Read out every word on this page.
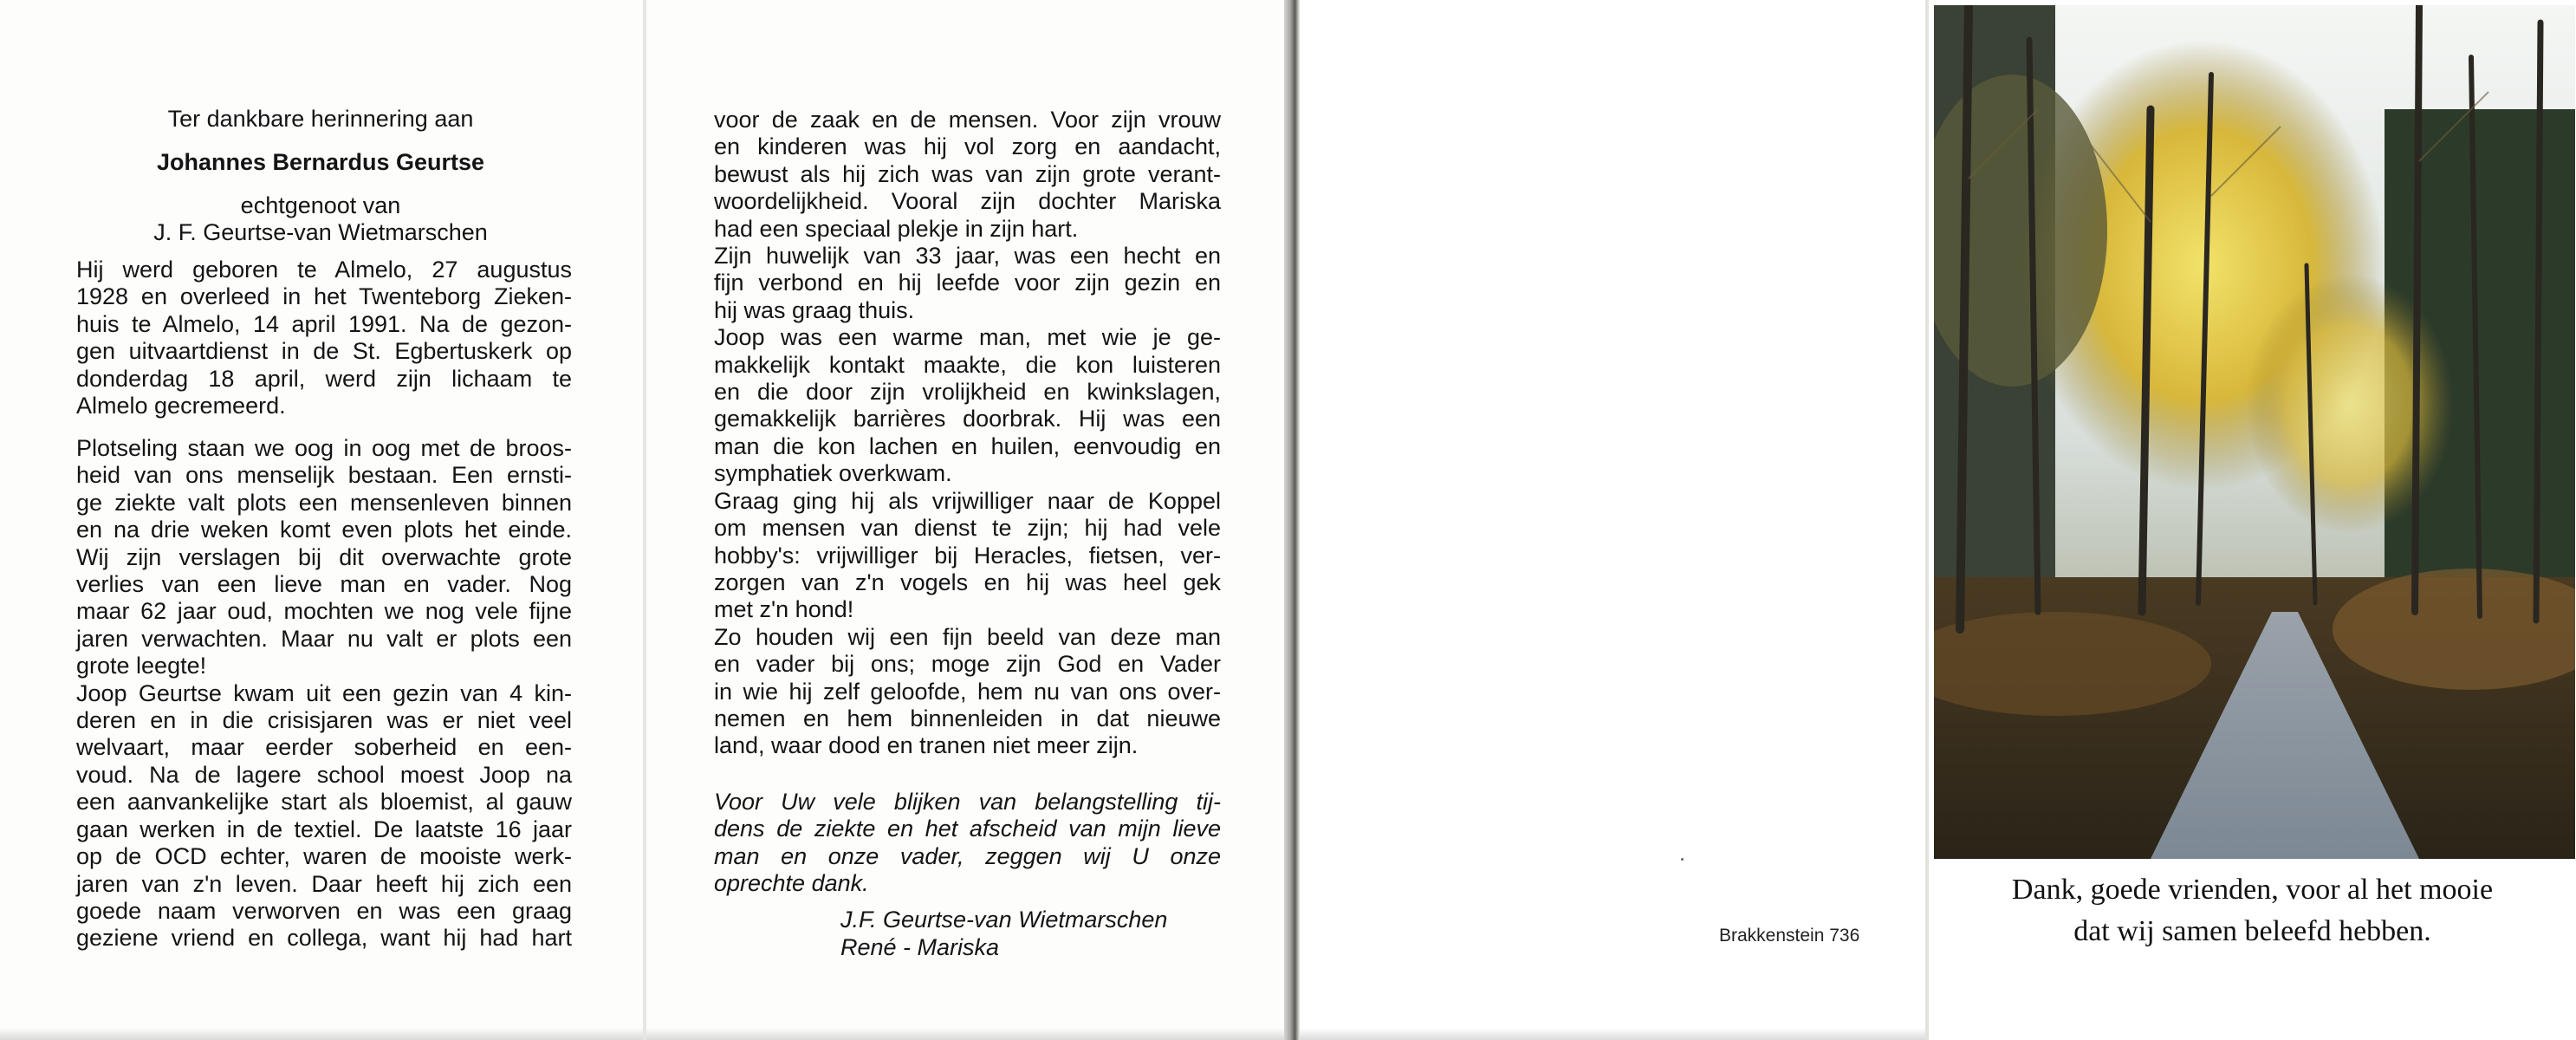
Ter dankbare herinnering aan
Johannes Bernardus Geurtse
echtgenoot van
J. F. Geurtse-van Wietmarschen
Hij werd geboren te Almelo, 27 augustus
1928 en overleed in het Twenteborg Zieken-
huis te Almelo, 14 april 1991. Na de gezon-
gen uitvaartdienst in de St. Egbertuskerk op
donderdag 18 april, werd zijn lichaam te
Almelo gecremeerd.
Plotseling staan we oog in oog met de broos-
heid van ons menselijk bestaan. Een ernsti-
ge ziekte valt plots een mensenleven binnen
en na drie weken komt even plots het einde.
Wij zijn verslagen bij dit overwachte grote
verlies van een lieve man en vader. Nog
maar 62 jaar oud, mochten we nog vele fijne
jaren verwachten. Maar nu valt er plots een
grote leegte!
Joop Geurtse kwam uit een gezin van 4 kin-
deren en in die crisisjaren was er niet veel
welvaart, maar eerder soberheid en een-
voud. Na de lagere school moest Joop na
een aanvankelijke start als bloemist, al gauw
gaan werken in de textiel. De laatste 16 jaar
op de OCD echter, waren de mooiste werk-
jaren van z'n leven. Daar heeft hij zich een
goede naam verworven en was een graag
geziene vriend en collega, want hij had hart
voor de zaak en de mensen. Voor zijn vrouw
en kinderen was hij vol zorg en aandacht,
bewust als hij zich was van zijn grote verant-
woordelijkheid. Vooral zijn dochter Mariska
had een speciaal plekje in zijn hart.
Zijn huwelijk van 33 jaar, was een hecht en
fijn verbond en hij leefde voor zijn gezin en
hij was graag thuis.
Joop was een warme man, met wie je ge-
makkelijk kontakt maakte, die kon luisteren
en die door zijn vrolijkheid en kwinkslagen,
gemakkelijk barrières doorbrak. Hij was een
man die kon lachen en huilen, eenvoudig en
symphatiek overkwam.
Graag ging hij als vrijwilliger naar de Koppel
om mensen van dienst te zijn; hij had vele
hobby's: vrijwilliger bij Heracles, fietsen, ver-
zorgen van z'n vogels en hij was heel gek
met z'n hond!
Zo houden wij een fijn beeld van deze man
en vader bij ons; moge zijn God en Vader
in wie hij zelf geloofde, hem nu van ons over-
nemen en hem binnenleiden in dat nieuwe
land, waar dood en tranen niet meer zijn.
Voor Uw vele blijken van belangstelling tij-
dens de ziekte en het afscheid van mijn lieve
man en onze vader, zeggen wij U onze
oprechte dank.
J.F. Geurtse-van Wietmarschen
René - Mariska	Brakkenstein 736
Dank, goede vrienden, voor al het mooie
dat wij samen beleefd hebben.
